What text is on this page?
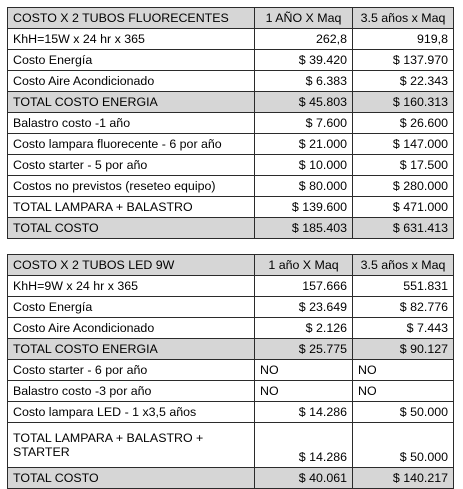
COSTO X 2 TUBOS FLUORECENTES	1 AÑO X Maq	3.5 años x Maq
KhH=15W x 24 hr x 365	262,8	919,8
Costo Energía	$ 39.420	$ 137.970
Costo Aire Acondicionado	$ 6.383	$ 22.343
TOTAL COSTO ENERGIA	$ 45.803	$ 160.313
Balastro costo -1 año	$ 7.600	$ 26.600
Costo lampara fluorecente - 6 por año	$ 21.000	$ 147.000
Costo starter - 5 por año	$ 10.000	$ 17.500
Costos no previstos (reseteo equipo)	$ 80.000	$ 280.000
TOTAL LAMPARA + BALASTRO	$ 139.600	$ 471.000
TOTAL COSTO	$ 185.403	$ 631.413
COSTO X 2 TUBOS LED 9W	1 año X Maq	3.5 años x Maq
KhH=9W x 24 hr x 365	157.666	551.831
Costo Energía	$ 23.649	$ 82.776
Costo Aire Acondicionado	$ 2.126	$ 7.443
TOTAL COSTO ENERGIA	$ 25.775	$ 90.127
Costo starter - 6 por año	NO	NO
Balastro costo -3 por año	NO	NO
Costo lampara LED - 1 x3,5 años	$ 14.286	$ 50.000
TOTAL LAMPARA + BALASTRO + STARTER	$ 14.286	$ 50.000
TOTAL COSTO	$ 40.061	$ 140.217
